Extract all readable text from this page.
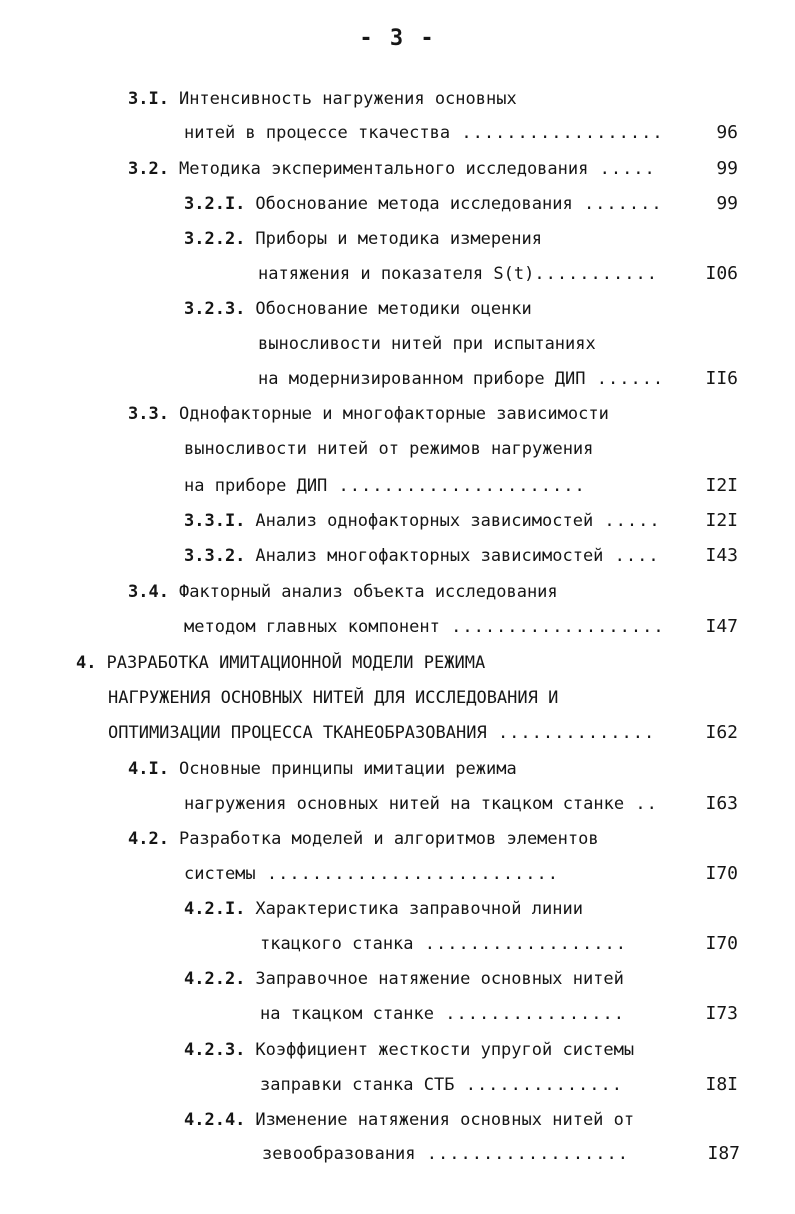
- 3 -
3.I. Интенсивность нагружения основных
нитей в процессе ткачества ..................	96
3.2. Методика экспериментального исследования .....	99
3.2.I. Обоснование метода исследования .......	99
3.2.2. Приборы и методика измерения
натяжения и показателя S(t)...........	I06
3.2.3. Обоснование методики оценки
выносливости нитей при испытаниях
на модернизированном приборе ДИП ......	II6
3.3. Однофакторные и многофакторные зависимости
выносливости нитей от режимов нагружения
на приборе ДИП ......................	I2I
3.3.I. Анализ однофакторных зависимостей .....	I2I
3.3.2. Анализ многофакторных зависимостей ....	I43
3.4. Факторный анализ объекта исследования
методом главных компонент ...................	I47
4. РАЗРАБОТКА ИМИТАЦИОННОЙ МОДЕЛИ РЕЖИМА
НАГРУЖЕНИЯ ОСНОВНЫХ НИТЕЙ ДЛЯ ИССЛЕДОВАНИЯ И
ОПТИМИЗАЦИИ ПРОЦЕССА ТКАНЕОБРАЗОВАНИЯ ..............	I62
4.I. Основные принципы имитации режима
нагружения основных нитей на ткацком станке ..	I63
4.2. Разработка моделей и алгоритмов элементов
системы ..........................	I70
4.2.I. Характеристика заправочной линии
ткацкого станка ..................	I70
4.2.2. Заправочное натяжение основных нитей
на ткацком станке ................	I73
4.2.3. Коэффициент жесткости упругой системы
заправки станка СТБ ..............	I8I
4.2.4. Изменение натяжения основных нитей от
зевообразования ..................	I87
